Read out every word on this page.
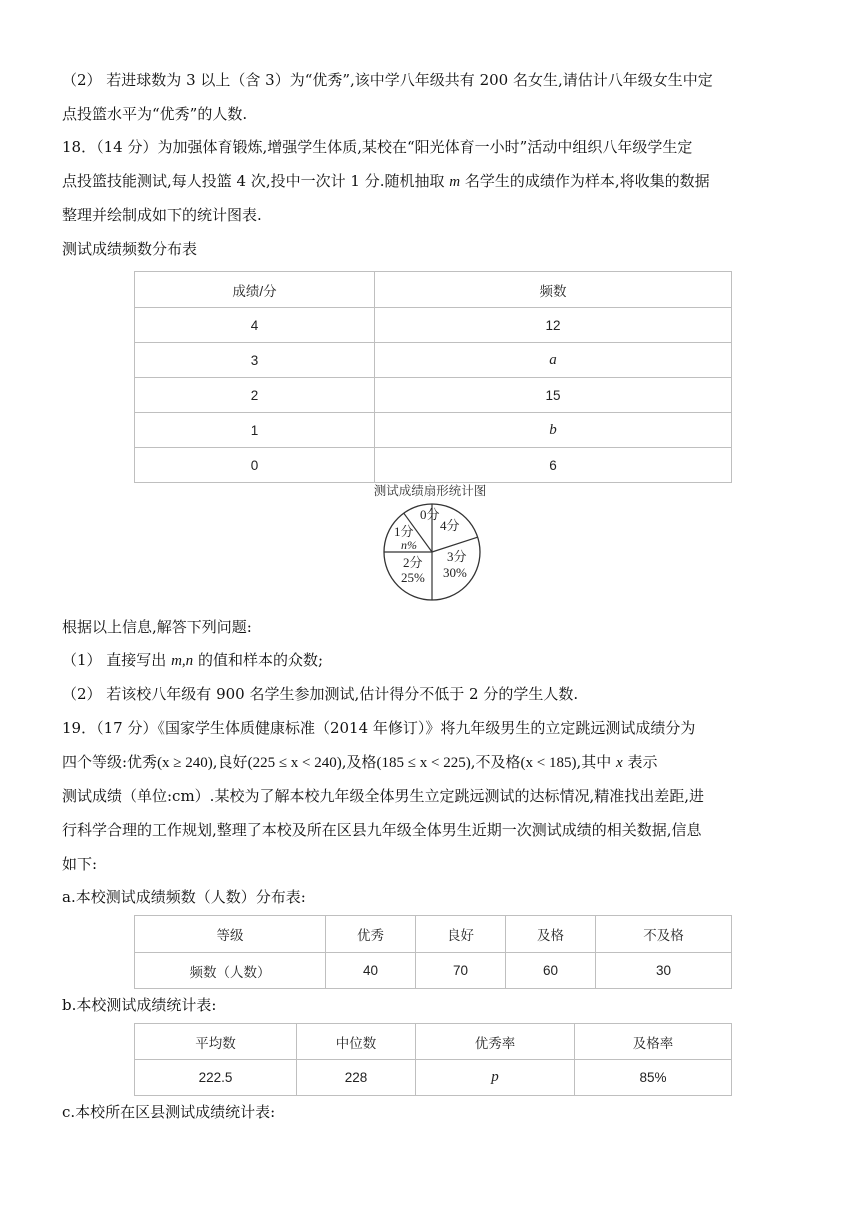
（2） 若进球数为 3 以上（含 3）为“优秀”,该中学八年级共有 200 名女生,请估计八年级女生中定
点投篮水平为“优秀”的人数.
18．（14 分）为加强体育锻炼,增强学生体质,某校在“阳光体育一小时”活动中组织八年级学生定
点投篮技能测试,每人投篮 4 次,投中一次计 1 分.随机抽取 m 名学生的成绩作为样本,将收集的数据
整理并绘制成如下的统计图表.
测试成绩频数分布表
成绩/分	频数
4	12
3	a
2	15
1	b
0	6
测试成绩扇形统计图
0分
1分
n%
4分
3分
30%
2分
25%
根据以上信息,解答下列问题:
（1） 直接写出 m,n 的值和样本的众数;
（2） 若该校八年级有 900 名学生参加测试,估计得分不低于 2 分的学生人数.
19．（17 分）《国家学生体质健康标准（2014 年修订）》将九年级男生的立定跳远测试成绩分为
四个等级:优秀(x ≥ 240),良好(225 ≤ x < 240),及格(185 ≤ x < 225),不及格(x < 185),其中 x 表示
测试成绩（单位:cm）.某校为了解本校九年级全体男生立定跳远测试的达标情况,精准找出差距,进
行科学合理的工作规划,整理了本校及所在区县九年级全体男生近期一次测试成绩的相关数据,信息
如下:
a.本校测试成绩频数（人数）分布表:
等级	优秀	良好	及格	不及格
频数（人数）	40	70	60	30
b.本校测试成绩统计表:
平均数	中位数	优秀率	及格率
222.5	228	p	85%
c.本校所在区县测试成绩统计表:
